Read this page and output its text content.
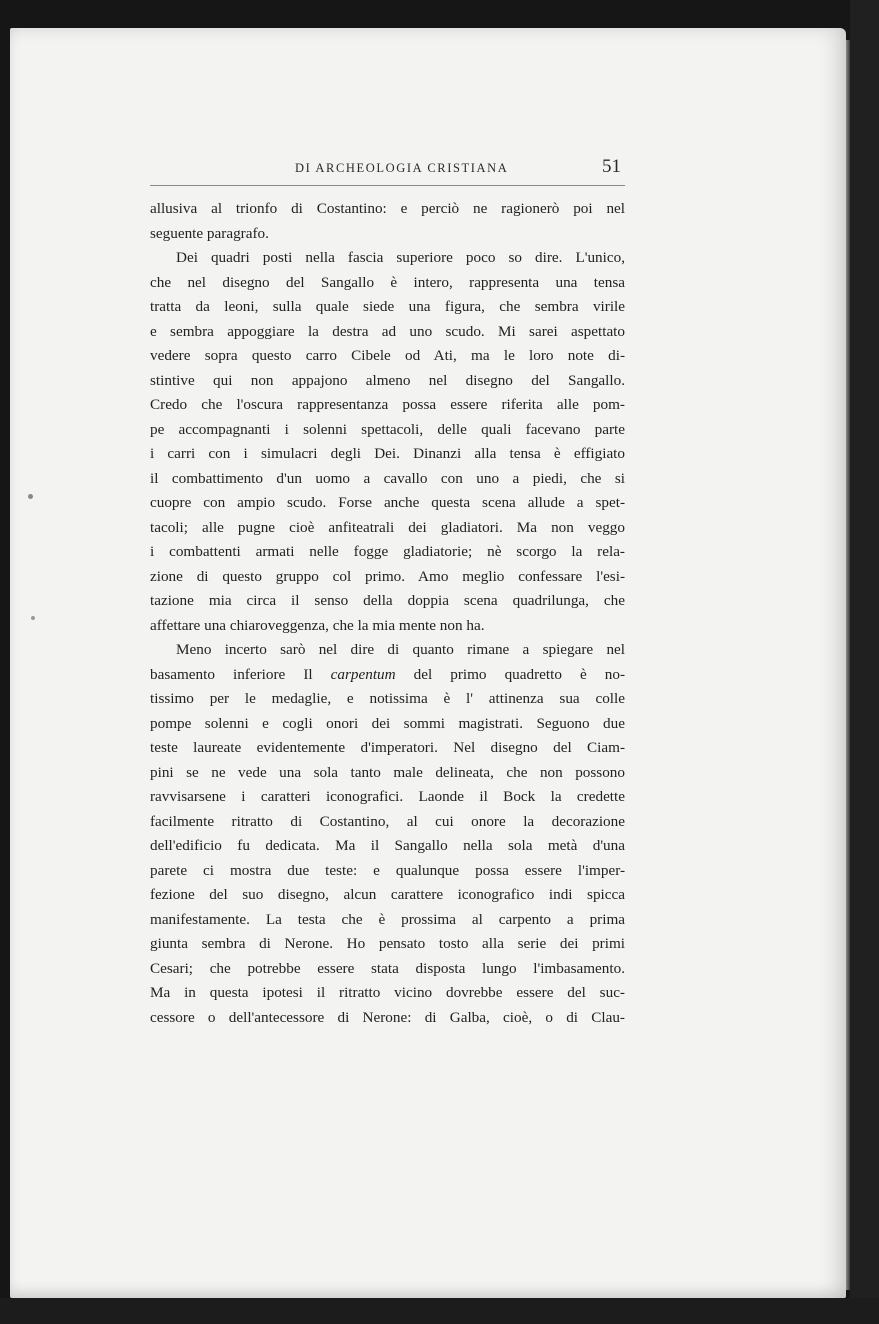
DI ARCHEOLOGIA CRISTIANA	51
allusiva al trionfo di Costantino: e perciò ne ragionerò poi nel
seguente paragrafo.
Dei quadri posti nella fascia superiore poco so dire. L'unico,
che nel disegno del Sangallo è intero, rappresenta una tensa
tratta da leoni, sulla quale siede una figura, che sembra virile
e sembra appoggiare la destra ad uno scudo. Mi sarei aspettato
vedere sopra questo carro Cibele od Ati, ma le loro note di-
stintive qui non appajono almeno nel disegno del Sangallo.
Credo che l'oscura rappresentanza possa essere riferita alle pom-
pe accompagnanti i solenni spettacoli, delle quali facevano parte
i carri con i simulacri degli Dei. Dinanzi alla tensa è effigiato
il combattimento d'un uomo a cavallo con uno a piedi, che si
cuopre con ampio scudo. Forse anche questa scena allude a spet-
tacoli; alle pugne cioè anfiteatrali dei gladiatori. Ma non veggo
i combattenti armati nelle fogge gladiatorie; nè scorgo la rela-
zione di questo gruppo col primo. Amo meglio confessare l'esi-
tazione mia circa il senso della doppia scena quadrilunga, che
affettare una chiaroveggenza, che la mia mente non ha.
Meno incerto sarò nel dire di quanto rimane a spiegare nel
basamento inferiore Il carpentum del primo quadretto è no-
tissimo per le medaglie, e notissima è l' attinenza sua colle
pompe solenni e cogli onori dei sommi magistrati. Seguono due
teste laureate evidentemente d'imperatori. Nel disegno del Ciam-
pini se ne vede una sola tanto male delineata, che non possono
ravvisarsene i caratteri iconografici. Laonde il Bock la credette
facilmente ritratto di Costantino, al cui onore la decorazione
dell'edificio fu dedicata. Ma il Sangallo nella sola metà d'una
parete ci mostra due teste: e qualunque possa essere l'imper-
fezione del suo disegno, alcun carattere iconografico indi spicca
manifestamente. La testa che è prossima al carpento a prima
giunta sembra di Nerone. Ho pensato tosto alla serie dei primi
Cesari; che potrebbe essere stata disposta lungo l'imbasamento.
Ma in questa ipotesi il ritratto vicino dovrebbe essere del suc-
cessore o dell'antecessore di Nerone: di Galba, cioè, o di Clau-
